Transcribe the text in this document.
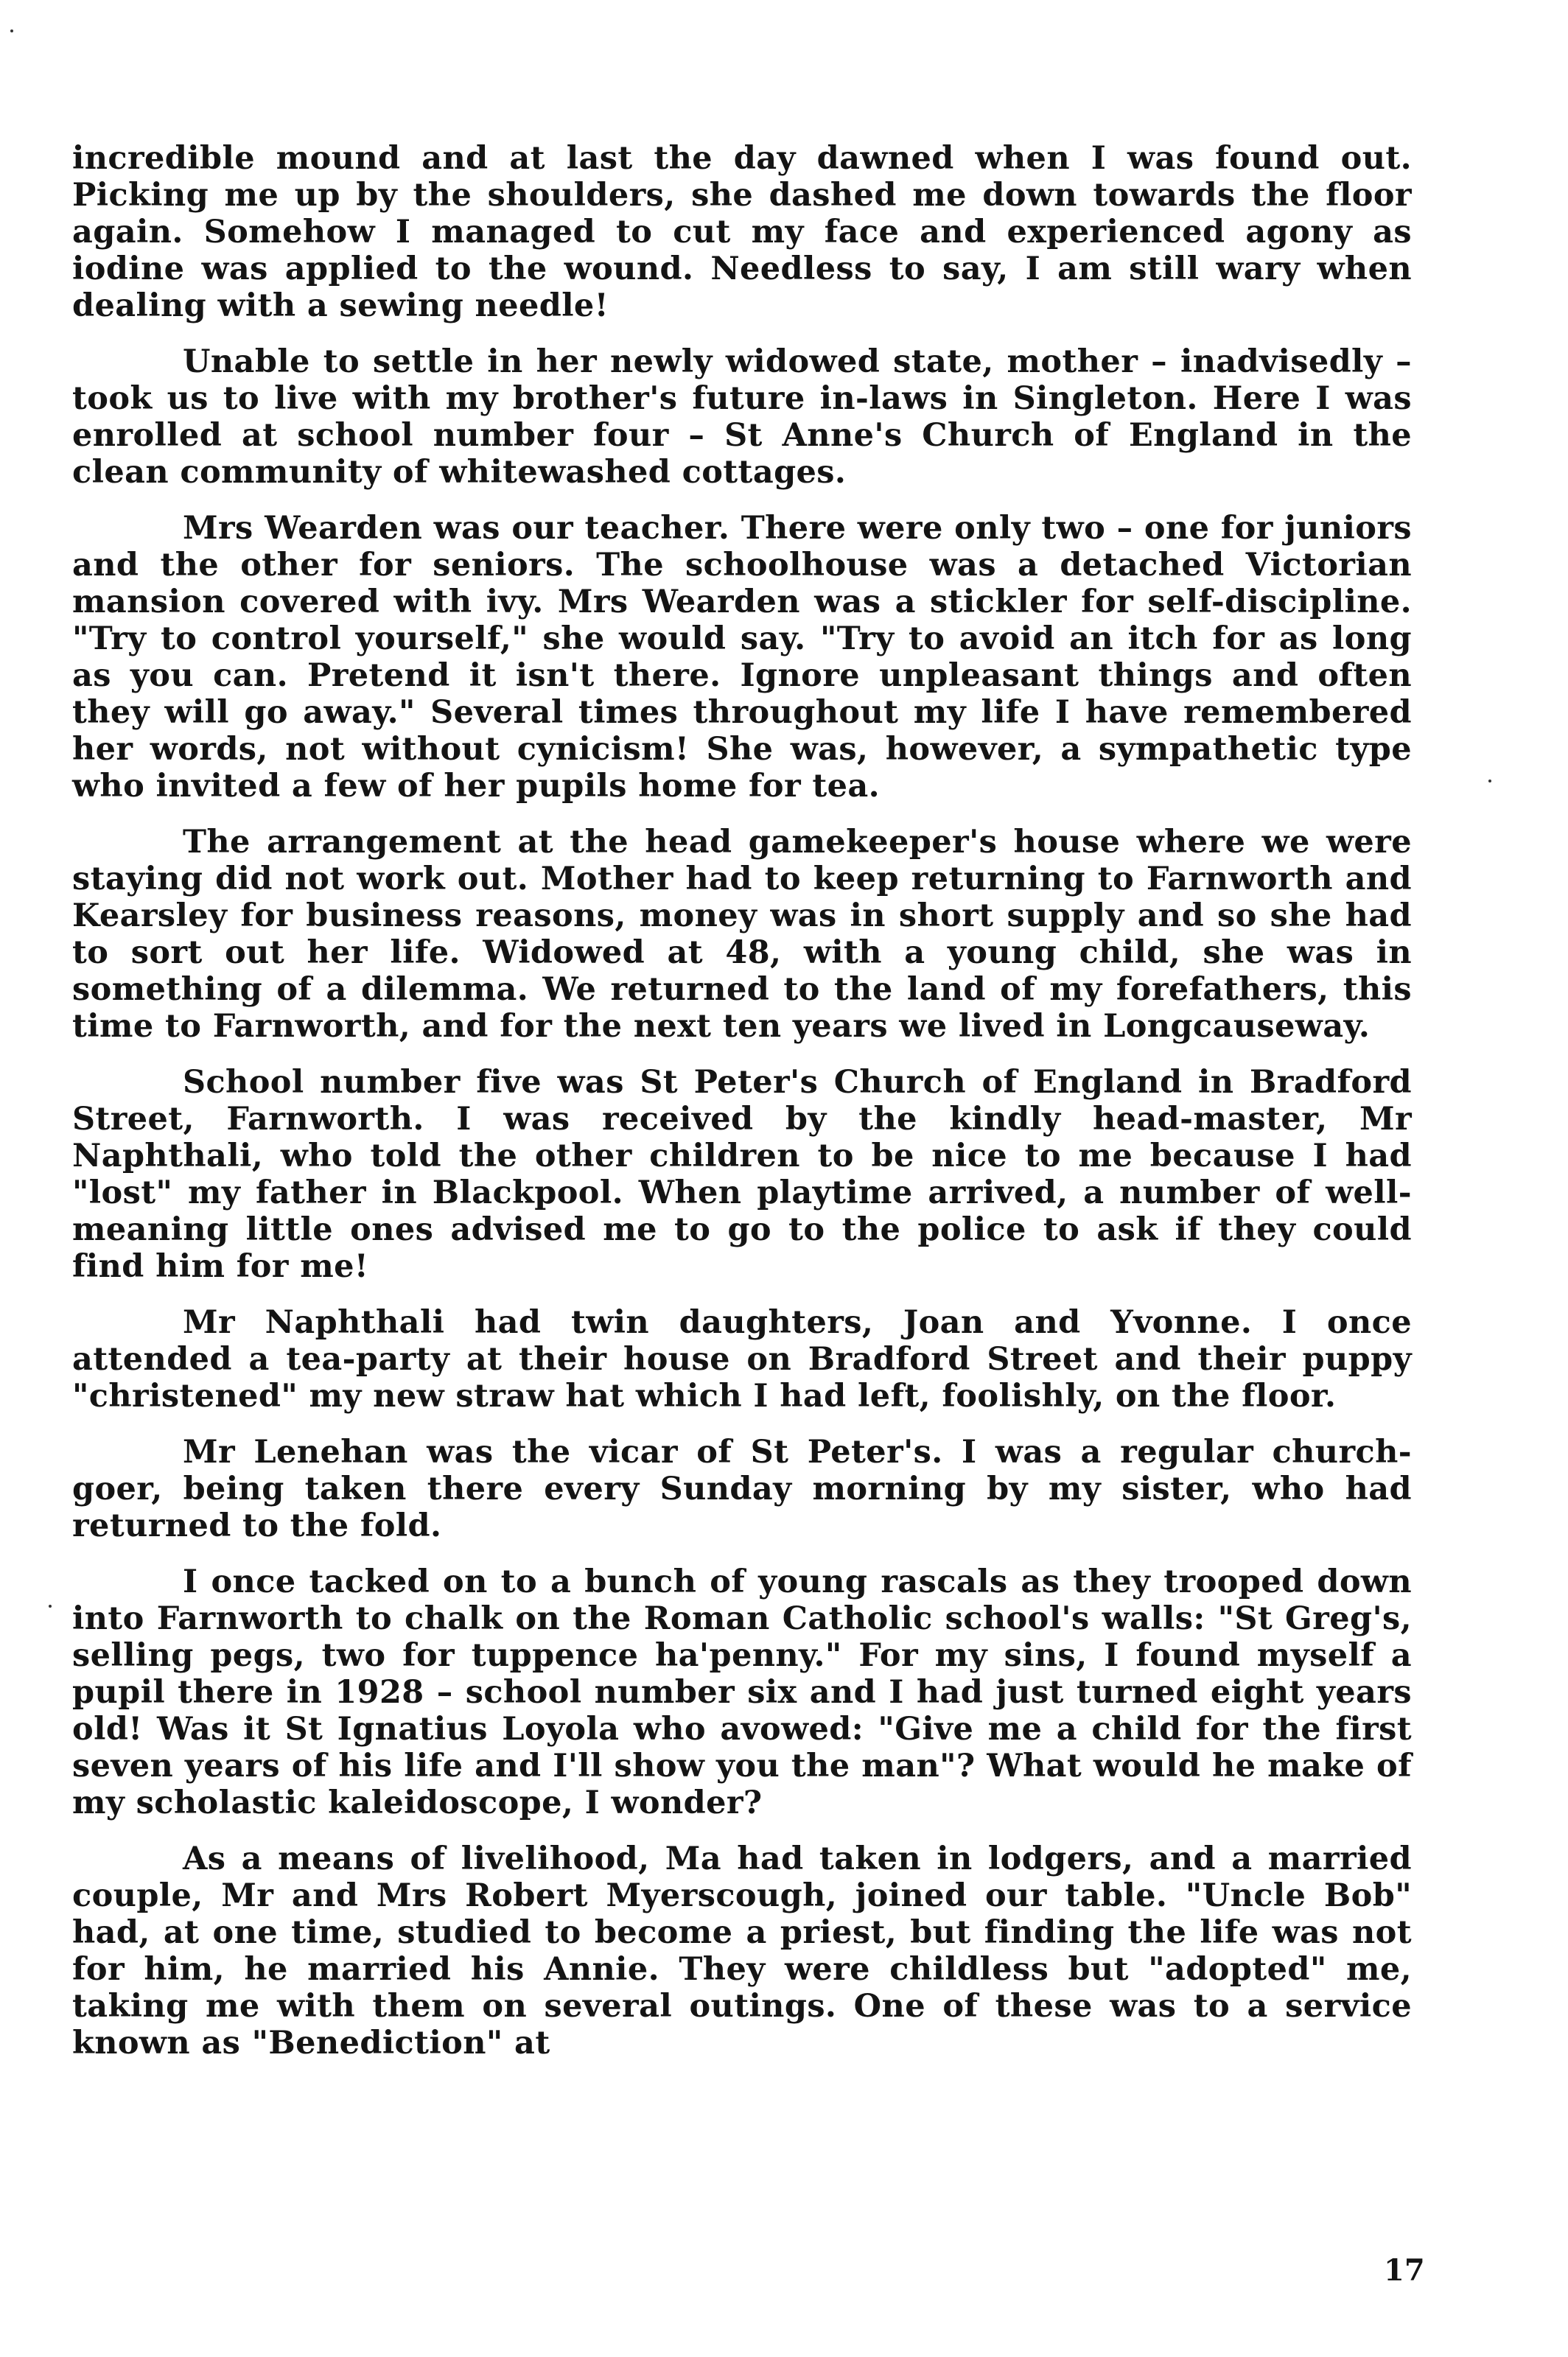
incredible mound and at last the day dawned when I was found out. Picking me up by the shoulders, she dashed me down towards the floor again. Somehow I managed to cut my face and experienced agony as iodine was applied to the wound. Needless to say, I am still wary when dealing with a sewing needle!

Unable to settle in her newly widowed state, mother – inadvisedly – took us to live with my brother's future in-laws in Singleton. Here I was enrolled at school number four – St Anne's Church of England in the clean community of whitewashed cottages.

Mrs Wearden was our teacher. There were only two – one for juniors and the other for seniors. The schoolhouse was a detached Victorian mansion covered with ivy. Mrs Wearden was a stickler for self-discipline. "Try to control yourself," she would say. "Try to avoid an itch for as long as you can. Pretend it isn't there. Ignore unpleasant things and often they will go away." Several times throughout my life I have remembered her words, not without cynicism! She was, however, a sympathetic type who invited a few of her pupils home for tea.

The arrangement at the head gamekeeper's house where we were staying did not work out. Mother had to keep returning to Farnworth and Kearsley for business reasons, money was in short supply and so she had to sort out her life. Widowed at 48, with a young child, she was in something of a dilemma. We returned to the land of my forefathers, this time to Farnworth, and for the next ten years we lived in Longcauseway.

School number five was St Peter's Church of England in Bradford Street, Farnworth. I was received by the kindly head-master, Mr Naphthali, who told the other children to be nice to me because I had "lost" my father in Blackpool. When playtime arrived, a number of well-meaning little ones advised me to go to the police to ask if they could find him for me!

Mr Naphthali had twin daughters, Joan and Yvonne. I once attended a tea-party at their house on Bradford Street and their puppy "christened" my new straw hat which I had left, foolishly, on the floor.

Mr Lenehan was the vicar of St Peter's. I was a regular church-goer, being taken there every Sunday morning by my sister, who had returned to the fold.

I once tacked on to a bunch of young rascals as they trooped down into Farnworth to chalk on the Roman Catholic school's walls: "St Greg's, selling pegs, two for tuppence ha'penny." For my sins, I found myself a pupil there in 1928 – school number six and I had just turned eight years old! Was it St Ignatius Loyola who avowed: "Give me a child for the first seven years of his life and I'll show you the man"? What would he make of my scholastic kaleidoscope, I wonder?

As a means of livelihood, Ma had taken in lodgers, and a married couple, Mr and Mrs Robert Myerscough, joined our table. "Uncle Bob" had, at one time, studied to become a priest, but finding the life was not for him, he married his Annie. They were childless but "adopted" me, taking me with them on several outings. One of these was to a service known as "Benediction" at

17
